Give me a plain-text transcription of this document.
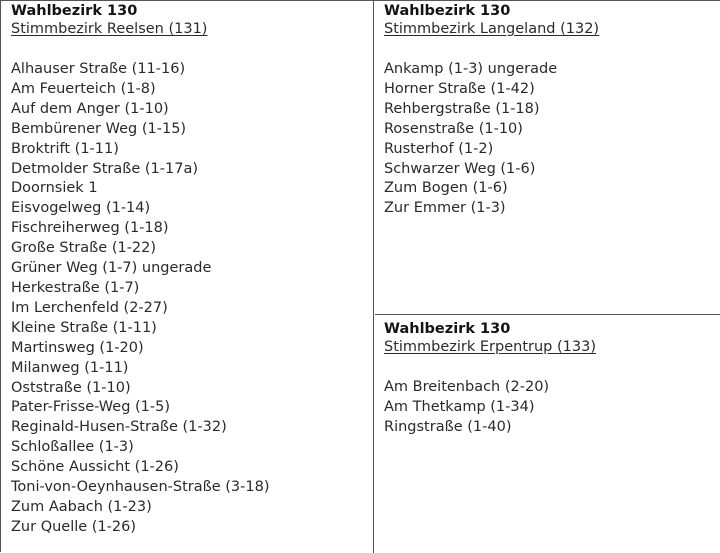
Wahlbezirk 130
Stimmbezirk Reelsen (131)
Alhauser Straße (11-16)
Am Feuerteich (1-8)
Auf dem Anger (1-10)
Bembürener Weg (1-15)
Broktrift (1-11)
Detmolder Straße (1-17a)
Doornsiek 1
Eisvogelweg (1-14)
Fischreiherweg (1-18)
Große Straße (1-22)
Grüner Weg (1-7) ungerade
Herkestraße (1-7)
Im Lerchenfeld (2-27)
Kleine Straße (1-11)
Martinsweg (1-20)
Milanweg (1-11)
Oststraße (1-10)
Pater-Frisse-Weg (1-5)
Reginald-Husen-Straße (1-32)
Schloßallee (1-3)
Schöne Aussicht (1-26)
Toni-von-Oeynhausen-Straße (3-18)
Zum Aabach (1-23)
Zur Quelle (1-26)
Wahlbezirk 130
Stimmbezirk Langeland (132)
Ankamp (1-3) ungerade
Horner Straße (1-42)
Rehbergstraße (1-18)
Rosenstraße (1-10)
Rusterhof (1-2)
Schwarzer Weg (1-6)
Zum Bogen (1-6)
Zur Emmer (1-3)
Wahlbezirk 130
Stimmbezirk Erpentrup (133)
Am Breitenbach (2-20)
Am Thetkamp (1-34)
Ringstraße (1-40)
